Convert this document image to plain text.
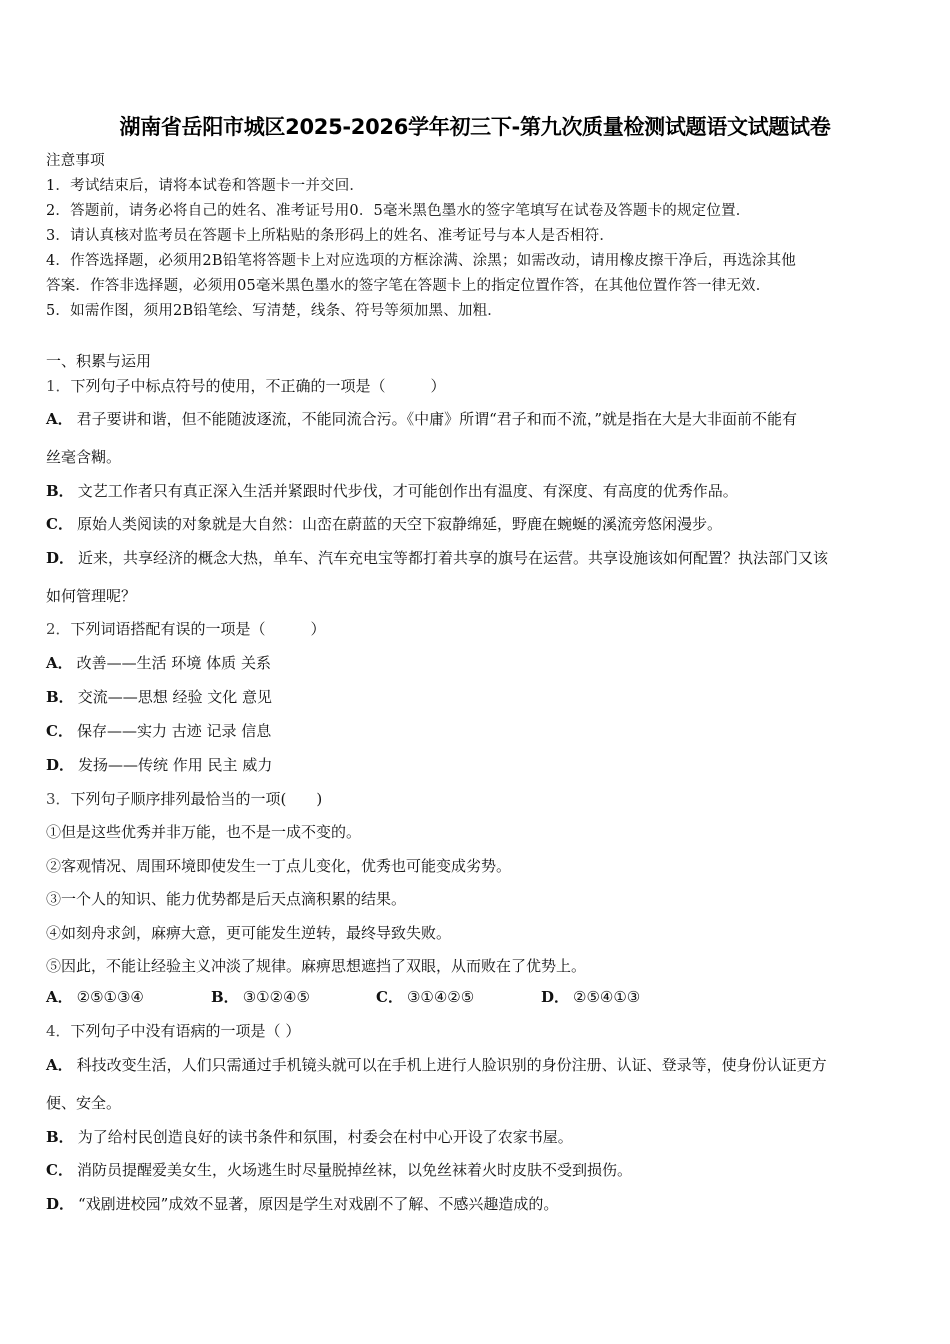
湖南省岳阳市城区2025-2026学年初三下-第九次质量检测试题语文试题试卷
注意事项
1．考试结束后，请将本试卷和答题卡一并交回．
2．答题前，请务必将自己的姓名、准考证号用0．5毫米黑色墨水的签字笔填写在试卷及答题卡的规定位置．
3．请认真核对监考员在答题卡上所粘贴的条形码上的姓名、准考证号与本人是否相符．
4．作答选择题，必须用2B铅笔将答题卡上对应选项的方框涂满、涂黑；如需改动，请用橡皮擦干净后，再选涂其他
答案．作答非选择题，必须用05毫米黑色墨水的签字笔在答题卡上的指定位置作答，在其他位置作答一律无效．
5．如需作图，须用2B铅笔绘、写清楚，线条、符号等须加黑、加粗．
一、积累与运用
1．下列句子中标点符号的使用，不正确的一项是（　　　）
A． 君子要讲和谐，但不能随波逐流，不能同流合污。《中庸》所谓“君子和而不流，”就是指在大是大非面前不能有
丝毫含糊。
B． 文艺工作者只有真正深入生活并紧跟时代步伐，才可能创作出有温度、有深度、有高度的优秀作品。
C． 原始人类阅读的对象就是大自然：山峦在蔚蓝的天空下寂静绵延，野鹿在蜿蜒的溪流旁悠闲漫步。
D． 近来，共享经济的概念大热，单车、汽车充电宝等都打着共享的旗号在运营。共享设施该如何配置？执法部门又该
如何管理呢？
2．下列词语搭配有误的一项是（　　　）
A． 改善——生活 环境 体质 关系
B． 交流——思想 经验 文化 意见
C． 保存——实力 古迹 记录 信息
D． 发扬——传统 作用 民主 威力
3．下列句子顺序排列最恰当的一项(　　)
①但是这些优秀并非万能，也不是一成不变的。
②客观情况、周围环境即使发生一丁点儿变化，优秀也可能变成劣势。
③一个人的知识、能力优势都是后天点滴积累的结果。
④如刻舟求剑，麻痹大意，更可能发生逆转，最终导致失败。
⑤因此，不能让经验主义冲淡了规律。麻痹思想遮挡了双眼，从而败在了优势上。
A． ②⑤①③④	B． ③①②④⑤	C． ③①④②⑤	D． ②⑤④①③
4．下列句子中没有语病的一项是（ ）
A． 科技改变生活，人们只需通过手机镜头就可以在手机上进行人脸识别的身份注册、认证、登录等，使身份认证更方
便、安全。
B． 为了给村民创造良好的读书条件和氛围，村委会在村中心开设了农家书屋。
C． 消防员提醒爱美女生，火场逃生时尽量脱掉丝袜，以免丝袜着火时皮肤不受到损伤。
D． “戏剧进校园”成效不显著，原因是学生对戏剧不了解、不感兴趣造成的。
